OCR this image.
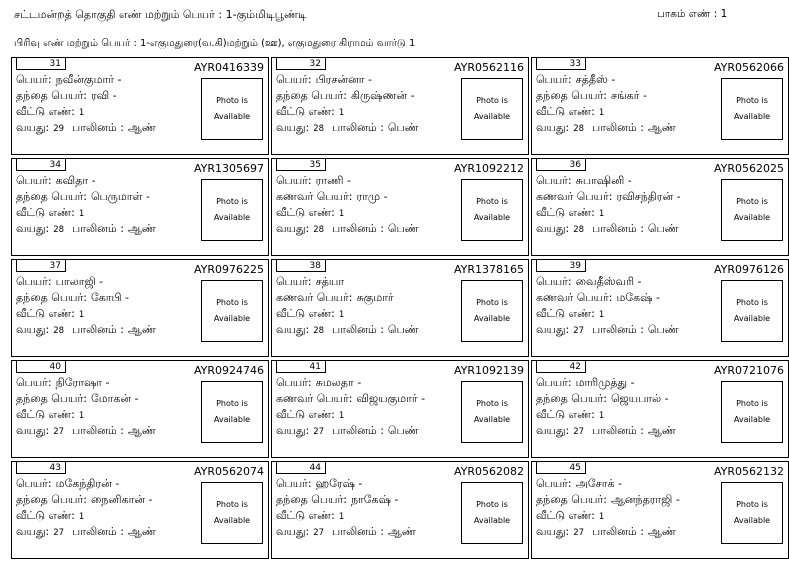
சட்டமன்றத் தொகுதி எண் மற்றும் பெயர் : 1-கும்மிடிபூண்டி	பாகம் எண் : 1
பிரிவு எண் மற்றும் பெயர் : 1-எகுமதுரை(வ.கி)மற்றும் (ஊ), எகுமதுரை கிராமம் வார்டு 1
31	AYR0416339
பெயர்: நவீன்குமார் -
தந்தை பெயர்: ரவி -
வீட்டு எண்: 1
வயது: 29 பாலினம் : ஆண்
Photo is
Available
32	AYR0562116
பெயர்: பிரசன்னா -
தந்தை பெயர்: கிருஷ்ணன் -
வீட்டு எண்: 1
வயது: 28 பாலினம் : பெண்
Photo is
Available
33	AYR0562066
பெயர்: சத்தீஸ் -
தந்தை பெயர்: சங்கர் -
வீட்டு எண்: 1
வயது: 28 பாலினம் : ஆண்
Photo is
Available
34	AYR1305697
பெயர்: கவிதா -
தந்தை பெயர்: பெருமாள் -
வீட்டு எண்: 1
வயது: 28 பாலினம் : ஆண்
Photo is
Available
35	AYR1092212
பெயர்: ராணி -
கணவர் பெயர்: ராமு -
வீட்டு எண்: 1
வயது: 28 பாலினம் : பெண்
Photo is
Available
36	AYR0562025
பெயர்: சுபாஷினி -
கணவர் பெயர்: ரவிசந்திரன் -
வீட்டு எண்: 1
வயது: 28 பாலினம் : பெண்
Photo is
Available
37	AYR0976225
பெயர்: பாலாஜி -
தந்தை பெயர்: கோபி -
வீட்டு எண்: 1
வயது: 28 பாலினம் : ஆண்
Photo is
Available
38	AYR1378165
பெயர்: சத்யா
கணவர் பெயர்: சுகுமார்
வீட்டு எண்: 1
வயது: 28 பாலினம் : பெண்
Photo is
Available
39	AYR0976126
பெயர்: வைதீஸ்வரி -
கணவர் பெயர்: மகேஷ் -
வீட்டு எண்: 1
வயது: 27 பாலினம் : பெண்
Photo is
Available
40	AYR0924746
பெயர்: நிரோஷா -
தந்தை பெயர்: மோகன் -
வீட்டு எண்: 1
வயது: 27 பாலினம் : ஆண்
Photo is
Available
41	AYR1092139
பெயர்: சுமலதா -
கணவர் பெயர்: விஜயகுமார் -
வீட்டு எண்: 1
வயது: 27 பாலினம் : பெண்
Photo is
Available
42	AYR0721076
பெயர்: மாரிமுத்து -
தந்தை பெயர்: ஜெயபால் -
வீட்டு எண்: 1
வயது: 27 பாலினம் : ஆண்
Photo is
Available
43	AYR0562074
பெயர்: மகேந்திரன் -
தந்தை பெயர்: நைனிகான் -
வீட்டு எண்: 1
வயது: 27 பாலினம் : ஆண்
Photo is
Available
44	AYR0562082
பெயர்: ஹரேஷ் -
தந்தை பெயர்: நாகேஷ் -
வீட்டு எண்: 1
வயது: 27 பாலினம் : ஆண்
Photo is
Available
45	AYR0562132
பெயர்: அசோக் -
தந்தை பெயர்: ஆனந்தராஜி -
வீட்டு எண்: 1
வயது: 27 பாலினம் : ஆண்
Photo is
Available
